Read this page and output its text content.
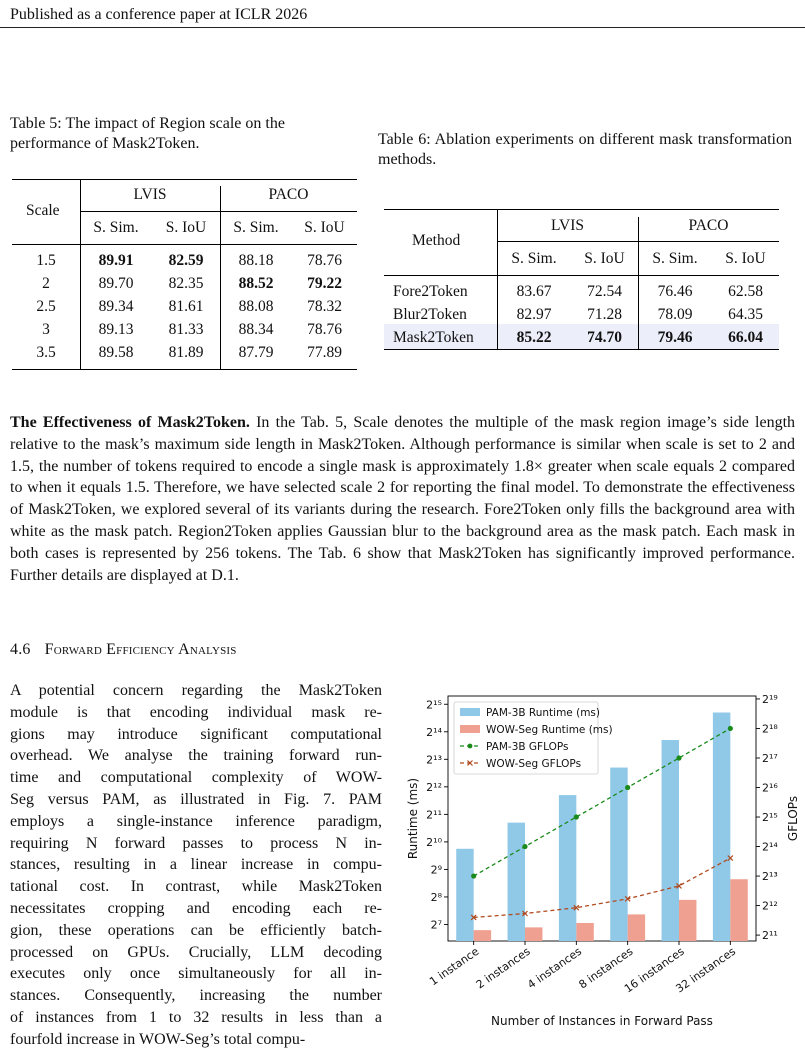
Published as a conference paper at ICLR 2026

Table 5: The impact of Region scale on the performance of Mask2Token.

Scale
LVIS	PACO
S. Sim.	S. IoU	S. Sim.	S. IoU
1.5	89.91	82.59	88.18	78.76
2	89.70	82.35	88.52	79.22
2.5	89.34	81.61	88.08	78.32
3	89.13	81.33	88.34	78.76
3.5	89.58	81.89	87.79	77.89

Table 6: Ablation experiments on different mask transformation methods.

Method
LVIS	PACO
S. Sim.	S. IoU	S. Sim.	S. IoU
Fore2Token	83.67	72.54	76.46	62.58
Blur2Token	82.97	71.28	78.09	64.35
Mask2Token	85.22	74.70	79.46	66.04

The Effectiveness of Mask2Token. In the Tab. 5, Scale denotes the multiple of the mask region image’s side length relative to the mask’s maximum side length in Mask2Token. Although performance is similar when scale is set to 2 and 1.5, the number of tokens required to encode a single mask is approximately 1.8× greater when scale equals 2 compared to when it equals 1.5. Therefore, we have selected scale 2 for reporting the final model. To demonstrate the effectiveness of Mask2Token, we explored several of its variants during the research. Fore2Token only fills the background area with white as the mask patch. Region2Token applies Gaussian blur to the background area as the mask patch. Each mask in both cases is represented by 256 tokens. The Tab. 6 show that Mask2Token has significantly improved performance. Further details are displayed at D.1.

4.6 Forward Efficiency Analysis
A potential concern regarding the Mask2Token
module is that encoding individual mask re-
gions may introduce significant computational
overhead. We analyse the training forward run-
time and computational complexity of WOW-
Seg versus PAM, as illustrated in Fig. 7. PAM
employs a single-instance inference paradigm,
requiring N forward passes to process N in-
stances, resulting in a linear increase in compu-
tational cost. In contrast, while Mask2Token
necessitates cropping and encoding each re-
gion, these operations can be efficiently batch-
processed on GPUs. Crucially, LLM decoding
executes only once simultaneously for all in-
stances. Consequently, increasing the number
of instances from 1 to 32 results in less than a
fourfold increase in WOW-Seg’s total compu-
2⁷
2⁸
2⁹
2¹⁰
2¹¹
2¹²
2¹³
2¹⁴
2¹⁵
2¹¹
2¹²
2¹³
2¹⁴
2¹⁵
2¹⁶
2¹⁷
2¹⁸
2¹⁹
1 instance
2 instances
4 instances
8 instances
16 instances
32 instances
Number of Instances in Forward Pass
Runtime (ms)	GFLOPs
PAM-3B Runtime (ms)
WOW-Seg Runtime (ms)
PAM-3B GFLOPs
WOW-Seg GFLOPs
